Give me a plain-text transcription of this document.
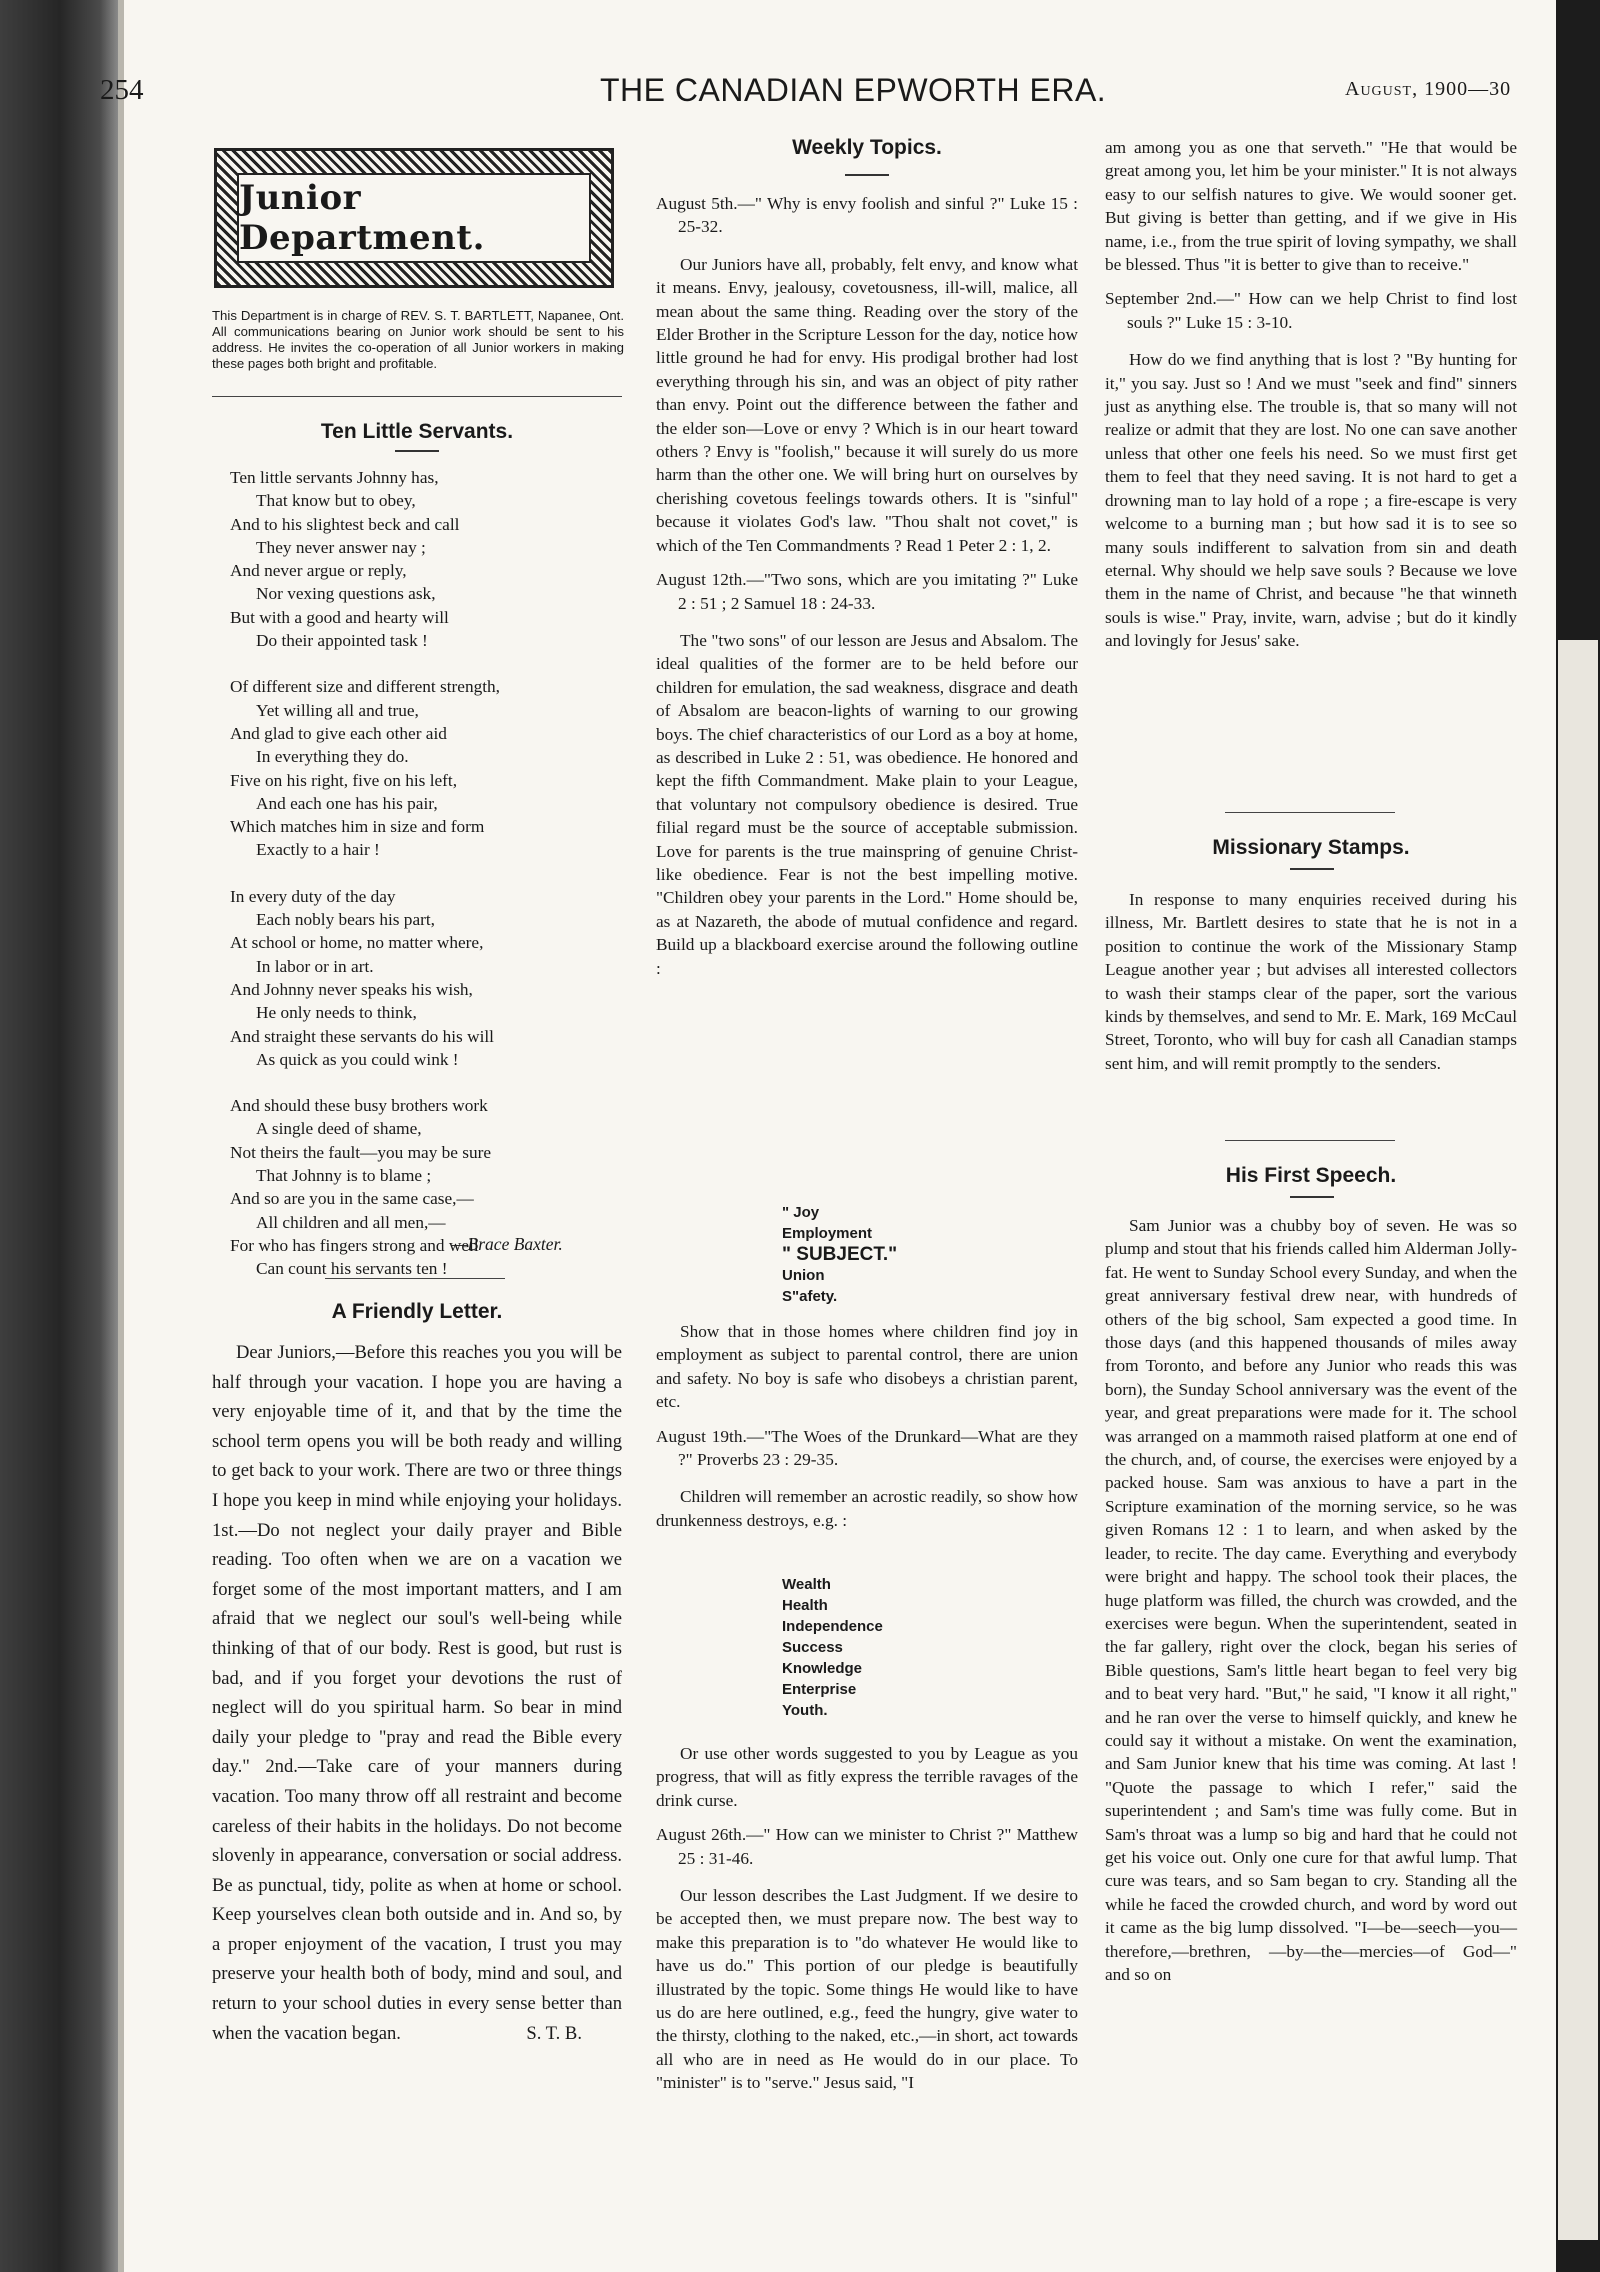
254	THE CANADIAN EPWORTH ERA.	August, 1900—30
Junior Department.
This Department is in charge of REV. S. T. BARTLETT, Napanee, Ont. All communications bearing on Junior work should be sent to his address. He invites the co-operation of all Junior workers in making these pages both bright and profitable.
Ten Little Servants.
Ten little servants Johnny has,
That know but to obey,
And to his slightest beck and call
They never answer nay ;
And never argue or reply,
Nor vexing questions ask,
But with a good and hearty will
Do their appointed task !
Of different size and different strength,
Yet willing all and true,
And glad to give each other aid
In everything they do.
Five on his right, five on his left,
And each one has his pair,
Which matches him in size and form
Exactly to a hair !
In every duty of the day
Each nobly bears his part,
At school or home, no matter where,
In labor or in art.
And Johnny never speaks his wish,
He only needs to think,
And straight these servants do his will
As quick as you could wink !
And should these busy brothers work
A single deed of shame,
Not theirs the fault—you may be sure
That Johnny is to blame ;
And so are you in the same case,—
All children and all men,—
For who has fingers strong and well
Can count his servants ten !
—Brace Baxter.
A Friendly Letter.

Dear Juniors,—Before this reaches you you will be half through your vacation. I hope you are having a very enjoyable time of it, and that by the time the school term opens you will be both ready and willing to get back to your work. There are two or three things I hope you keep in mind while enjoying your holidays. 1st.—Do not neglect your daily prayer and Bible reading. Too often when we are on a vacation we forget some of the most important matters, and I am afraid that we neglect our soul's well-being while thinking of that of our body. Rest is good, but rust is bad, and if you forget your devotions the rust of neglect will do you spiritual harm. So bear in mind daily your pledge to "pray and read the Bible every day." 2nd.—Take care of your manners during vacation. Too many throw off all restraint and become careless of their habits in the holidays. Do not become slovenly in appearance, conversation or social address. Be as punctual, tidy, polite as when at home or school. Keep yourselves clean both outside and in. And so, by a proper enjoyment of the vacation, I trust you may preserve your health both of body, mind and soul, and return to your school duties in every sense better than when the vacation began.	S. T. B.
Weekly Topics.

August 5th.—" Why is envy foolish and sinful ?" Luke 15 : 25-32.

Our Juniors have all, probably, felt envy, and know what it means. Envy, jealousy, covetousness, ill-will, malice, all mean about the same thing. Reading over the story of the Elder Brother in the Scripture Lesson for the day, notice how little ground he had for envy. His prodigal brother had lost everything through his sin, and was an object of pity rather than envy. Point out the difference between the father and the elder son—Love or envy ? Which is in our heart toward others ? Envy is "foolish," because it will surely do us more harm than the other one. We will bring hurt on ourselves by cherishing covetous feelings towards others. It is "sinful" because it violates God's law. "Thou shalt not covet," is which of the Ten Commandments ? Read 1 Peter 2 : 1, 2.

August 12th.—"Two sons, which are you imitating ?" Luke 2 : 51 ; 2 Samuel 18 : 24-33.

The "two sons" of our lesson are Jesus and Absalom. The ideal qualities of the former are to be held before our children for emulation, the sad weakness, disgrace and death of Absalom are beacon-lights of warning to our growing boys. The chief characteristics of our Lord as a boy at home, as described in Luke 2 : 51, was obedience. He honored and kept the fifth Commandment. Make plain to your League, that voluntary not compulsory obedience is desired. True filial regard must be the source of acceptable submission. Love for parents is the true mainspring of genuine Christ-like obedience. Fear is not the best impelling motive. "Children obey your parents in the Lord." Home should be, as at Nazareth, the abode of mutual confidence and regard. Build up a blackboard exercise around the following outline :

" Joy
Employment
" SUBJECT."
Union
S"afety.

Show that in those homes where children find joy in employment as subject to parental control, there are union and safety. No boy is safe who disobeys a christian parent, etc.

August 19th.—"The Woes of the Drunkard—What are they ?" Proverbs 23 : 29-35.

Children will remember an acrostic readily, so show how drunkenness destroys, e.g. :

Wealth
Health
Independence
Success
Knowledge
Enterprise
Youth.

Or use other words suggested to you by League as you progress, that will as fitly express the terrible ravages of the drink curse.

August 26th.—" How can we minister to Christ ?" Matthew 25 : 31-46.

Our lesson describes the Last Judgment. If we desire to be accepted then, we must prepare now. The best way to make this preparation is to "do whatever He would like to have us do." This portion of our pledge is beautifully illustrated by the topic. Some things He would like to have us do are here outlined, e.g., feed the hungry, give water to the thirsty, clothing to the naked, etc.,—in short, act towards all who are in need as He would do in our place. To "minister" is to "serve." Jesus said, "I

am among you as one that serveth." "He that would be great among you, let him be your minister." It is not always easy to our selfish natures to give. We would sooner get. But giving is better than getting, and if we give in His name, i.e., from the true spirit of loving sympathy, we shall be blessed. Thus "it is better to give than to receive."

September 2nd.—" How can we help Christ to find lost souls ?" Luke 15 : 3-10.

How do we find anything that is lost ? "By hunting for it," you say. Just so ! And we must "seek and find" sinners just as anything else. The trouble is, that so many will not realize or admit that they are lost. No one can save another unless that other one feels his need. So we must first get them to feel that they need saving. It is not hard to get a drowning man to lay hold of a rope ; a fire-escape is very welcome to a burning man ; but how sad it is to see so many souls indifferent to salvation from sin and death eternal. Why should we help save souls ? Because we love them in the name of Christ, and because "he that winneth souls is wise." Pray, invite, warn, advise ; but do it kindly and lovingly for Jesus' sake.

Missionary Stamps.

In response to many enquiries received during his illness, Mr. Bartlett desires to state that he is not in a position to continue the work of the Missionary Stamp League another year ; but advises all interested collectors to wash their stamps clear of the paper, sort the various kinds by themselves, and send to Mr. E. Mark, 169 McCaul Street, Toronto, who will buy for cash all Canadian stamps sent him, and will remit promptly to the senders.

His First Speech.

Sam Junior was a chubby boy of seven. He was so plump and stout that his friends called him Alderman Jolly-fat. He went to Sunday School every Sunday, and when the great anniversary festival drew near, with hundreds of others of the big school, Sam expected a good time. In those days (and this happened thousands of miles away from Toronto, and before any Junior who reads this was born), the Sunday School anniversary was the event of the year, and great preparations were made for it. The school was arranged on a mammoth raised platform at one end of the church, and, of course, the exercises were enjoyed by a packed house. Sam was anxious to have a part in the Scripture examination of the morning service, so he was given Romans 12 : 1 to learn, and when asked by the leader, to recite. The day came. Everything and everybody were bright and happy. The school took their places, the huge platform was filled, the church was crowded, and the exercises were begun. When the superintendent, seated in the far gallery, right over the clock, began his series of Bible questions, Sam's little heart began to feel very big and to beat very hard. "But," he said, "I know it all right," and he ran over the verse to himself quickly, and knew he could say it without a mistake. On went the examination, and Sam Junior knew that his time was coming. At last ! "Quote the passage to which I refer," said the superintendent ; and Sam's time was fully come. But in Sam's throat was a lump so big and hard that he could not get his voice out. Only one cure for that awful lump. That cure was tears, and so Sam began to cry. Standing all the while he faced the crowded church, and word by word out it came as the big lump dissolved. "I—be—seech—you—therefore,—brethren, —by—the—mercies—of God—" and so on
